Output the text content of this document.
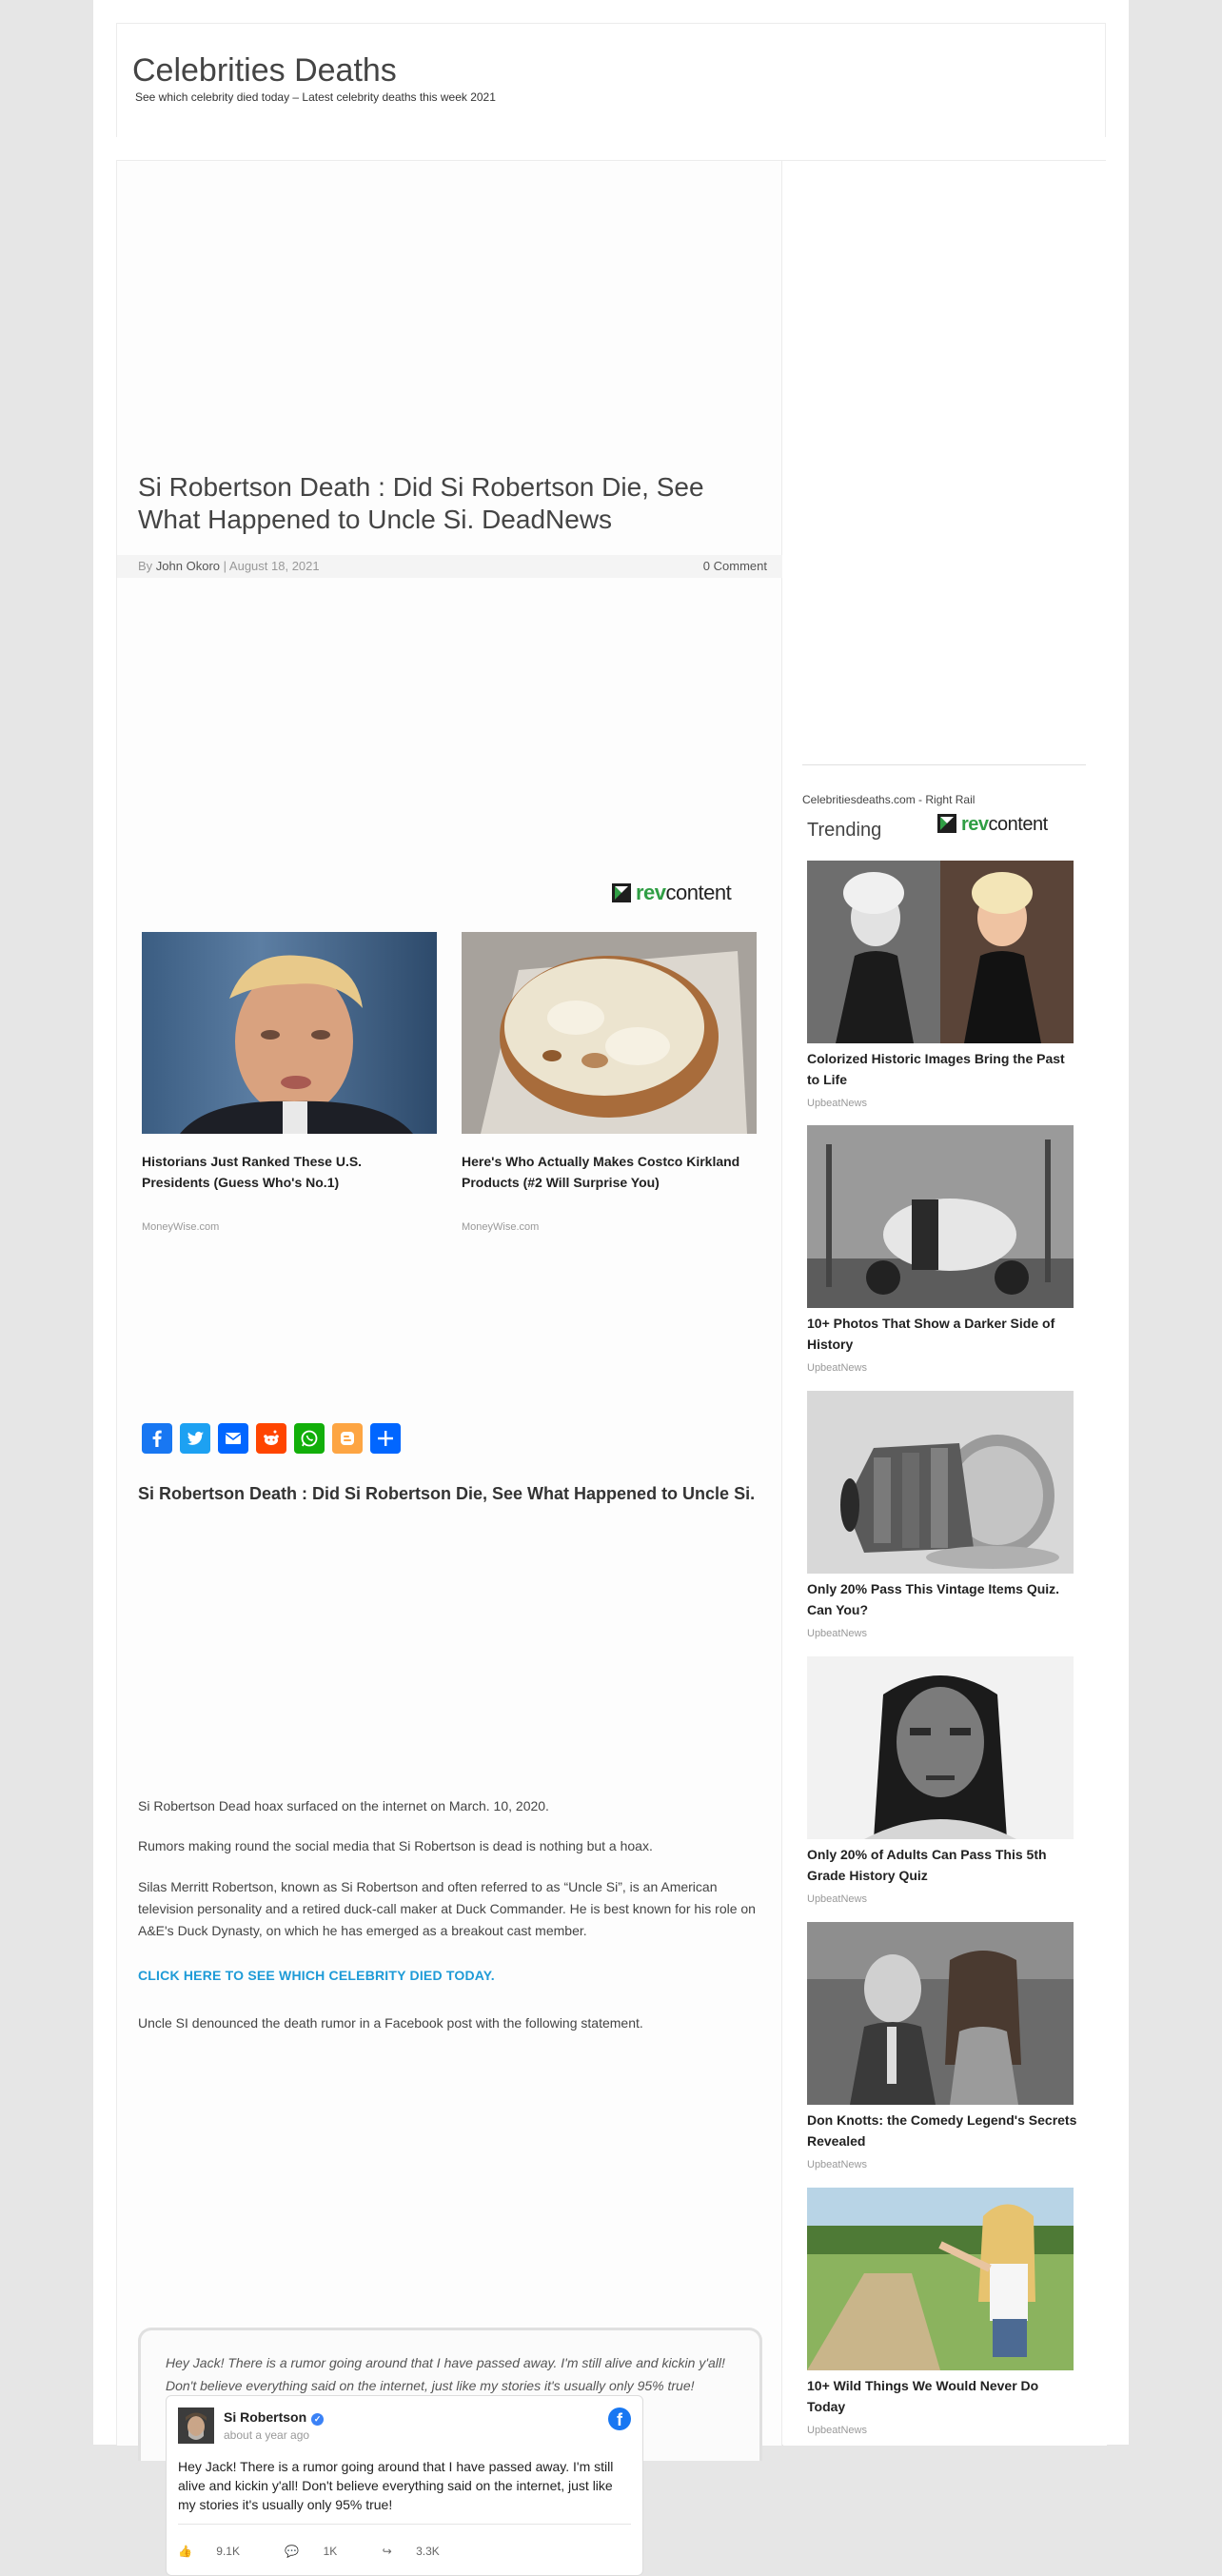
Celebrities Deaths
See which celebrity died today – Latest celebrity deaths this week 2021
Si Robertson Death : Did Si Robertson Die, See What Happened to Uncle Si. DeadNews
By John Okoro | August 18, 2021	0 Comment
revcontent
Historians Just Ranked These U.S. Presidents (Guess Who's No.1)
MoneyWise.com
Here's Who Actually Makes Costco Kirkland Products (#2 Will Surprise You)
MoneyWise.com
Si Robertson Death : Did Si Robertson Die, See What Happened to Uncle Si.

Si Robertson Dead hoax surfaced on the internet on March. 10, 2020.

Rumors making round the social media that Si Robertson is dead is nothing but a hoax.

Silas Merritt Robertson, known as Si Robertson and often referred to as “Uncle Si”, is an American television personality and a retired duck-call maker at Duck Commander. He is best known for his role on A&E's Duck Dynasty, on which he has emerged as a breakout cast member.

CLICK HERE TO SEE WHICH CELEBRITY DIED TODAY.

Uncle SI denounced the death rumor in a Facebook post with the following statement.

Hey Jack! There is a rumor going around that I have passed away. I'm still alive and kickin y'all! Don't believe everything said on the internet, just like my stories it's usually only 95% true!
Si Robertson ✓
about a year ago
f
Hey Jack! There is a rumor going around that I have passed away. I'm still alive and kickin y'all! Don't believe everything said on the internet, just like my stories it's usually only 95% true!
👍 9.1K	💬 1K	↪ 3.3K
Celebritiesdeaths.com - Right Rail
Trending	revcontent
Colorized Historic Images Bring the Past to Life
UpbeatNews
10+ Photos That Show a Darker Side of History
UpbeatNews
Only 20% Pass This Vintage Items Quiz. Can You?
UpbeatNews
Only 20% of Adults Can Pass This 5th Grade History Quiz
UpbeatNews
Don Knotts: the Comedy Legend's Secrets Revealed
UpbeatNews
10+ Wild Things We Would Never Do Today
UpbeatNews
